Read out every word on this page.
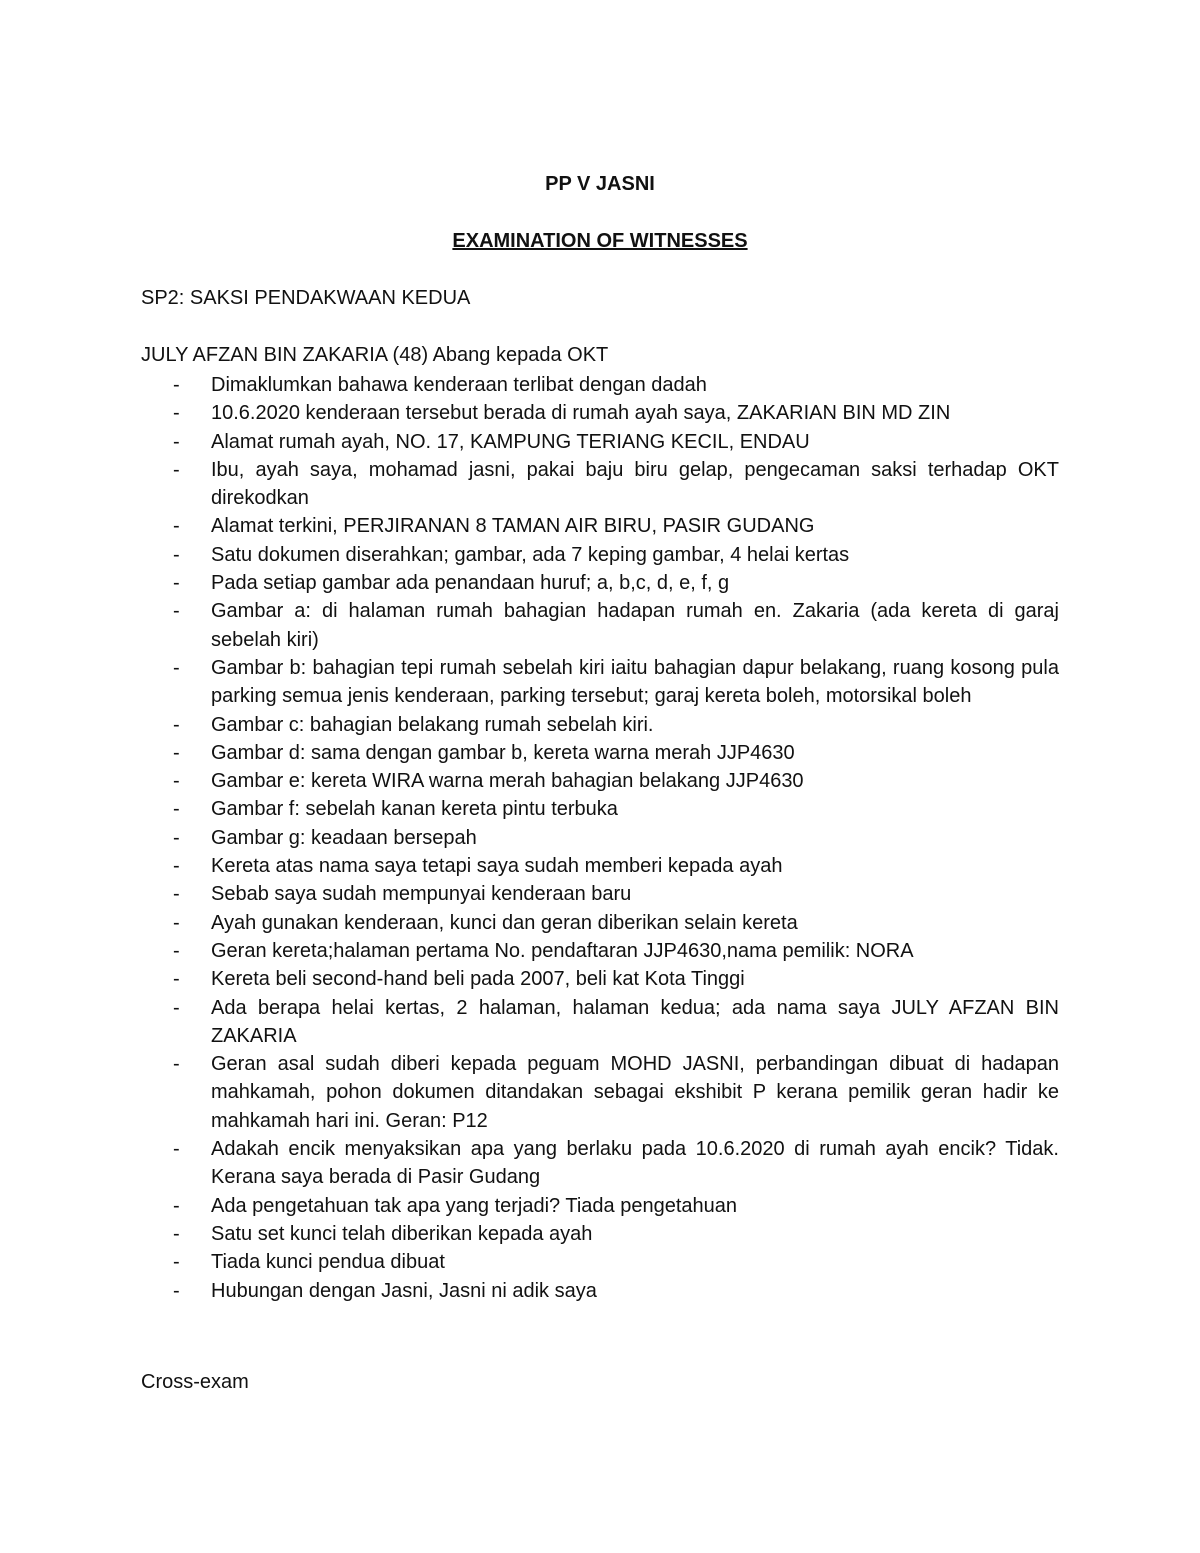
PP V JASNI
EXAMINATION OF WITNESSES
SP2: SAKSI PENDAKWAAN KEDUA
JULY AFZAN BIN ZAKARIA (48) Abang kepada OKT
- Dimaklumkan bahawa kenderaan terlibat dengan dadah
- 10.6.2020 kenderaan tersebut berada di rumah ayah saya, ZAKARIAN BIN MD ZIN
- Alamat rumah ayah, NO. 17, KAMPUNG TERIANG KECIL, ENDAU
- Ibu, ayah saya, mohamad jasni, pakai baju biru gelap, pengecaman saksi terhadap OKT direkodkan
- Alamat terkini, PERJIRANAN 8 TAMAN AIR BIRU, PASIR GUDANG
- Satu dokumen diserahkan; gambar, ada 7 keping gambar, 4 helai kertas
- Pada setiap gambar ada penandaan huruf; a, b,c, d, e, f, g
- Gambar a: di halaman rumah bahagian hadapan rumah en. Zakaria (ada kereta di garaj sebelah kiri)
- Gambar b: bahagian tepi rumah sebelah kiri iaitu bahagian dapur belakang, ruang kosong pula parking semua jenis kenderaan, parking tersebut; garaj kereta boleh, motorsikal boleh
- Gambar c: bahagian belakang rumah sebelah kiri.
- Gambar d: sama dengan gambar b, kereta warna merah JJP4630
- Gambar e: kereta WIRA warna merah bahagian belakang JJP4630
- Gambar f: sebelah kanan kereta pintu terbuka
- Gambar g: keadaan bersepah
- Kereta atas nama saya tetapi saya sudah memberi kepada ayah
- Sebab saya sudah mempunyai kenderaan baru
- Ayah gunakan kenderaan, kunci dan geran diberikan selain kereta
- Geran kereta;halaman pertama No. pendaftaran JJP4630,nama pemilik: NORA
- Kereta beli second-hand beli pada 2007, beli kat Kota Tinggi
- Ada berapa helai kertas, 2 halaman, halaman kedua; ada nama saya JULY AFZAN BIN ZAKARIA
- Geran asal sudah diberi kepada peguam MOHD JASNI, perbandingan dibuat di hadapan mahkamah, pohon dokumen ditandakan sebagai ekshibit P kerana pemilik geran hadir ke mahkamah hari ini. Geran: P12
- Adakah encik menyaksikan apa yang berlaku pada 10.6.2020 di rumah ayah encik? Tidak. Kerana saya berada di Pasir Gudang
- Ada pengetahuan tak apa yang terjadi? Tiada pengetahuan
- Satu set kunci telah diberikan kepada ayah
- Tiada kunci pendua dibuat
- Hubungan dengan Jasni, Jasni ni adik saya
Cross-exam
